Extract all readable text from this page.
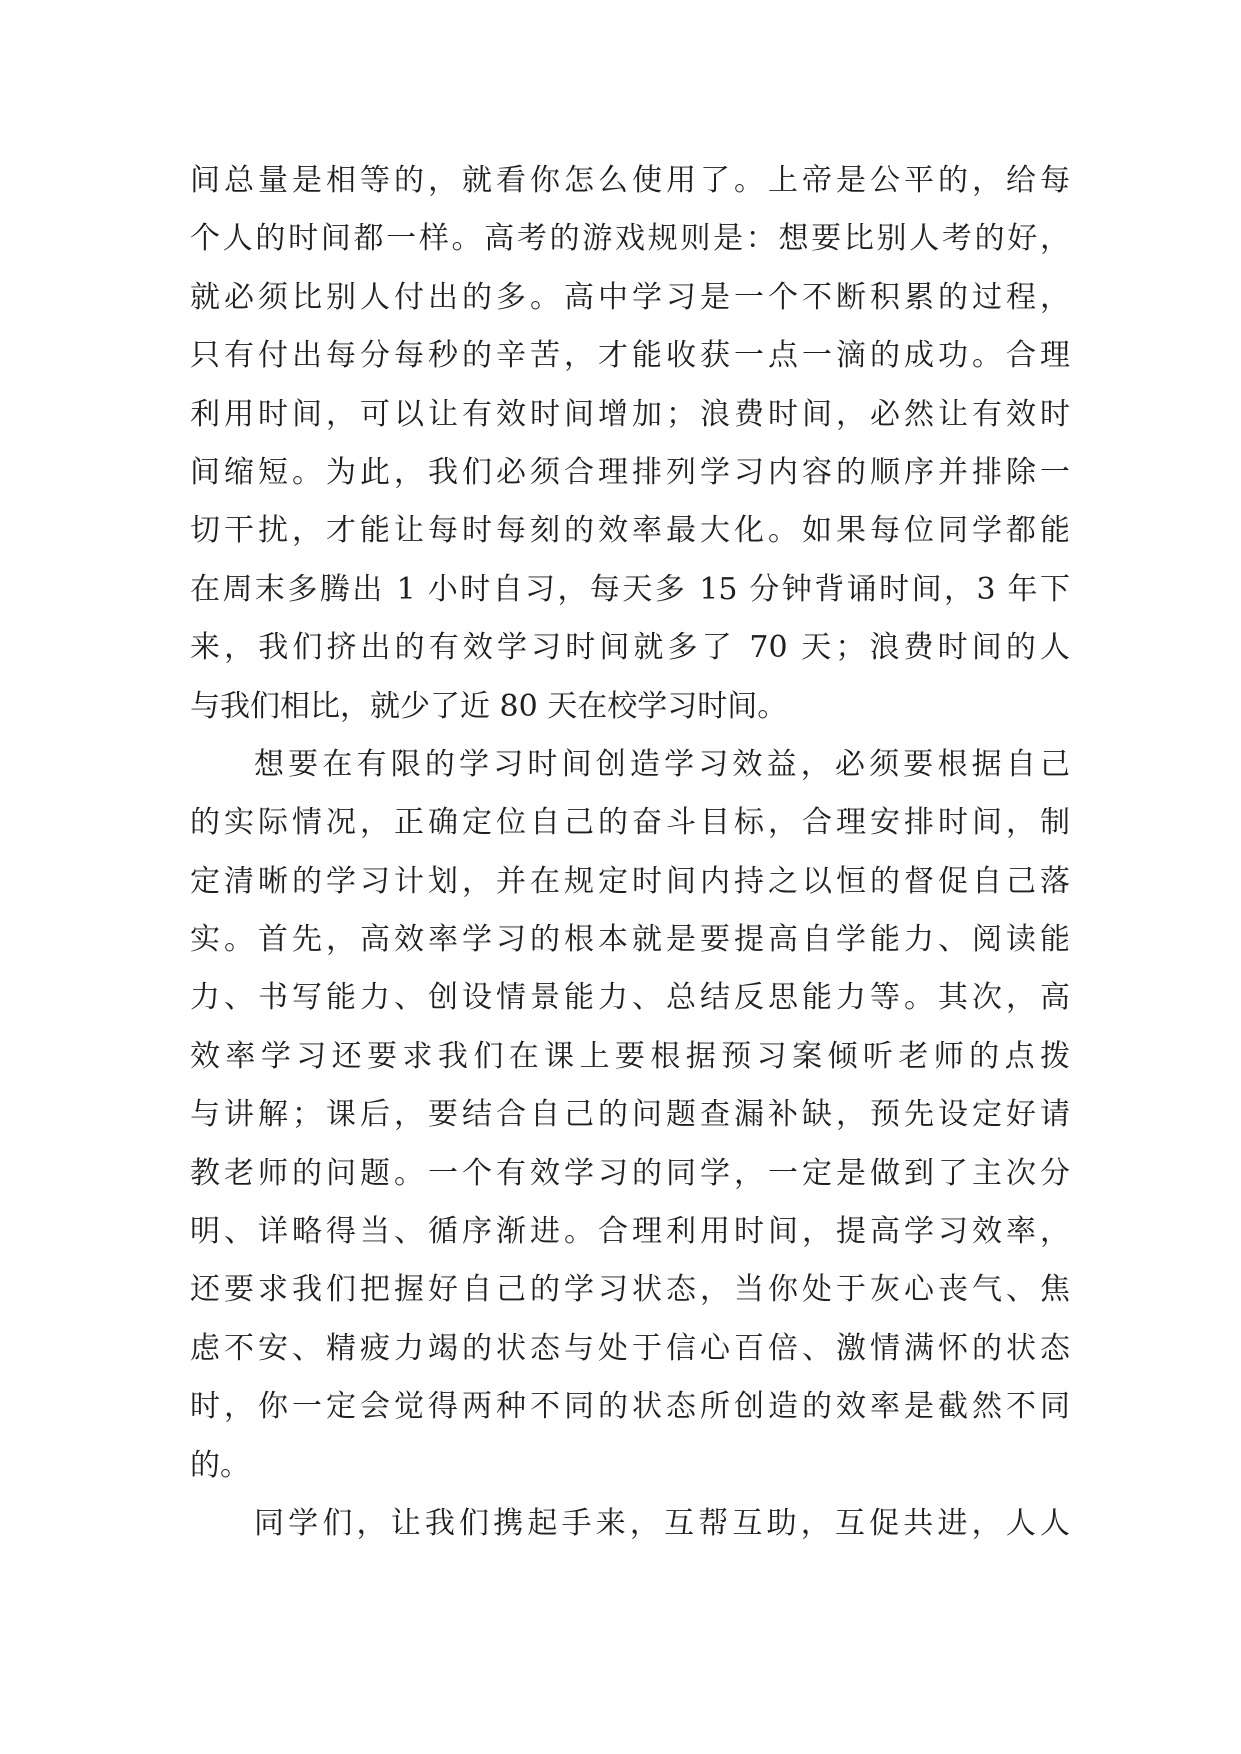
间总量是相等的，就看你怎么使用了。上帝是公平的，给每
个人的时间都一样。高考的游戏规则是：想要比别人考的好，
就必须比别人付出的多。高中学习是一个不断积累的过程，
只有付出每分每秒的辛苦，才能收获一点一滴的成功。合理
利用时间，可以让有效时间增加；浪费时间，必然让有效时
间缩短。为此，我们必须合理排列学习内容的顺序并排除一
切干扰，才能让每时每刻的效率最大化。如果每位同学都能
在周末多腾出 1 小时自习，每天多 15 分钟背诵时间，3 年下
来，我们挤出的有效学习时间就多了 70 天；浪费时间的人
与我们相比，就少了近 80 天在校学习时间。
想要在有限的学习时间创造学习效益，必须要根据自己
的实际情况，正确定位自己的奋斗目标，合理安排时间，制
定清晰的学习计划，并在规定时间内持之以恒的督促自己落
实。首先，高效率学习的根本就是要提高自学能力、阅读能
力、书写能力、创设情景能力、总结反思能力等。其次，高
效率学习还要求我们在课上要根据预习案倾听老师的点拨
与讲解；课后，要结合自己的问题查漏补缺，预先设定好请
教老师的问题。一个有效学习的同学，一定是做到了主次分
明、详略得当、循序渐进。合理利用时间，提高学习效率，
还要求我们把握好自己的学习状态，当你处于灰心丧气、焦
虑不安、精疲力竭的状态与处于信心百倍、激情满怀的状态
时，你一定会觉得两种不同的状态所创造的效率是截然不同
的。
同学们，让我们携起手来，互帮互助，互促共进，人人
